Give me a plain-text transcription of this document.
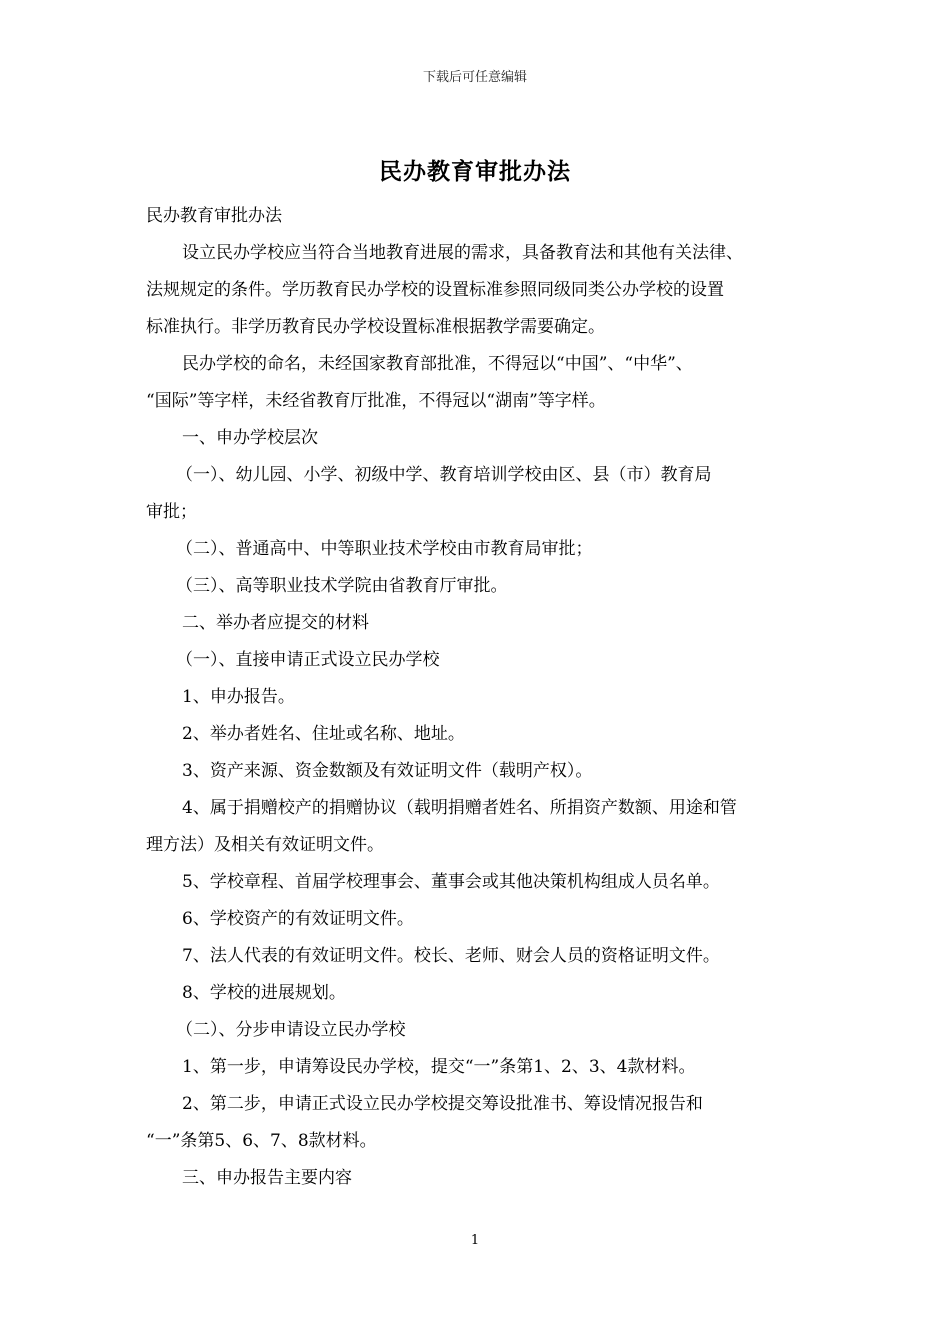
下载后可任意编辑
民办教育审批办法
民办教育审批办法
设立民办学校应当符合当地教育进展的需求，具备教育法和其他有关法律、
法规规定的条件。学历教育民办学校的设置标准参照同级同类公办学校的设置
标准执行。非学历教育民办学校设置标准根据教学需要确定。
民办学校的命名，未经国家教育部批准，不得冠以“中国”、“中华”、
“国际”等字样，未经省教育厅批准，不得冠以“湖南”等字样。
一、申办学校层次
（一）、幼儿园、小学、初级中学、教育培训学校由区、县（市）教育局
审批；
（二）、普通高中、中等职业技术学校由市教育局审批；
（三）、高等职业技术学院由省教育厅审批。
二、举办者应提交的材料
（一）、直接申请正式设立民办学校
1、申办报告。
2、举办者姓名、住址或名称、地址。
3、资产来源、资金数额及有效证明文件（载明产权）。
4、属于捐赠校产的捐赠协议（载明捐赠者姓名、所捐资产数额、用途和管
理方法）及相关有效证明文件。
5、学校章程、首届学校理事会、董事会或其他决策机构组成人员名单。
6、学校资产的有效证明文件。
7、法人代表的有效证明文件。校长、老师、财会人员的资格证明文件。
8、学校的进展规划。
（二）、分步申请设立民办学校
1、第一步，申请筹设民办学校，提交“一”条第1、2、3、4款材料。
2、第二步，申请正式设立民办学校提交筹设批准书、筹设情况报告和
“一”条第5、6、7、8款材料。
三、申办报告主要内容
1
